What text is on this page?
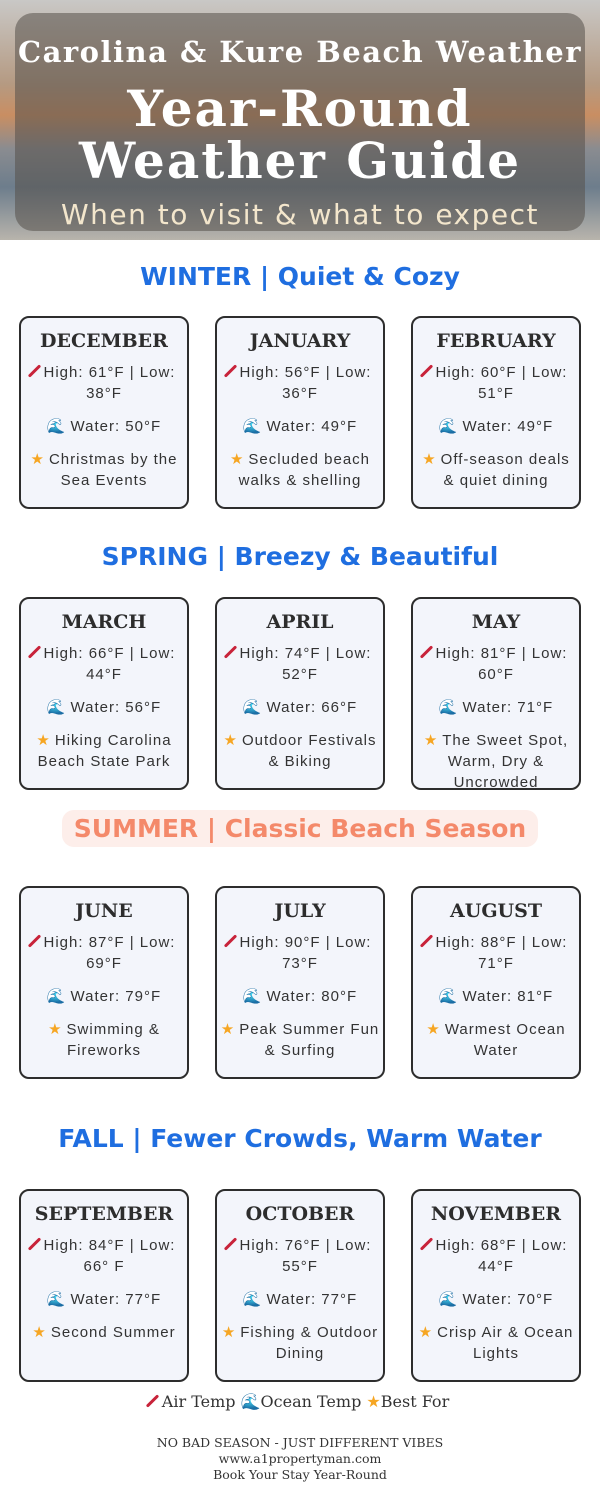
Carolina & Kure Beach Weather
Year-Round
Weather Guide
When to visit & what to expect
WINTER | Quiet & Cozy
DECEMBER
High: 61°F | Low: 38°F
🌊 Water: 50°F
★ Christmas by the Sea Events
JANUARY
High: 56°F | Low: 36°F
🌊 Water: 49°F
★ Secluded beach walks & shelling
FEBRUARY
High: 60°F | Low: 51°F
🌊 Water: 49°F
★ Off-season deals & quiet dining
SPRING | Breezy & Beautiful
MARCH
High: 66°F | Low: 44°F
🌊 Water: 56°F
★ Hiking Carolina Beach State Park
APRIL
High: 74°F | Low: 52°F
🌊 Water: 66°F
★ Outdoor Festivals & Biking
MAY
High: 81°F | Low: 60°F
🌊 Water: 71°F
★ The Sweet Spot, Warm, Dry & Uncrowded
SUMMER | Classic Beach Season
JUNE
High: 87°F | Low: 69°F
🌊 Water: 79°F
★ Swimming & Fireworks
JULY
High: 90°F | Low: 73°F
🌊 Water: 80°F
★ Peak Summer Fun & Surfing
AUGUST
High: 88°F | Low: 71°F
🌊 Water: 81°F
★ Warmest Ocean Water
FALL | Fewer Crowds, Warm Water
SEPTEMBER
High: 84°F | Low: 66° F
🌊 Water: 77°F
★ Second Summer
OCTOBER
High: 76°F | Low: 55°F
🌊 Water: 77°F
★ Fishing & Outdoor Dining
NOVEMBER
High: 68°F | Low: 44°F
🌊 Water: 70°F
★ Crisp Air & Ocean Lights
Air Temp 🌊Ocean Temp ★Best For
NO BAD SEASON - JUST DIFFERENT VIBES
www.a1propertyman.com
Book Your Stay Year-Round
